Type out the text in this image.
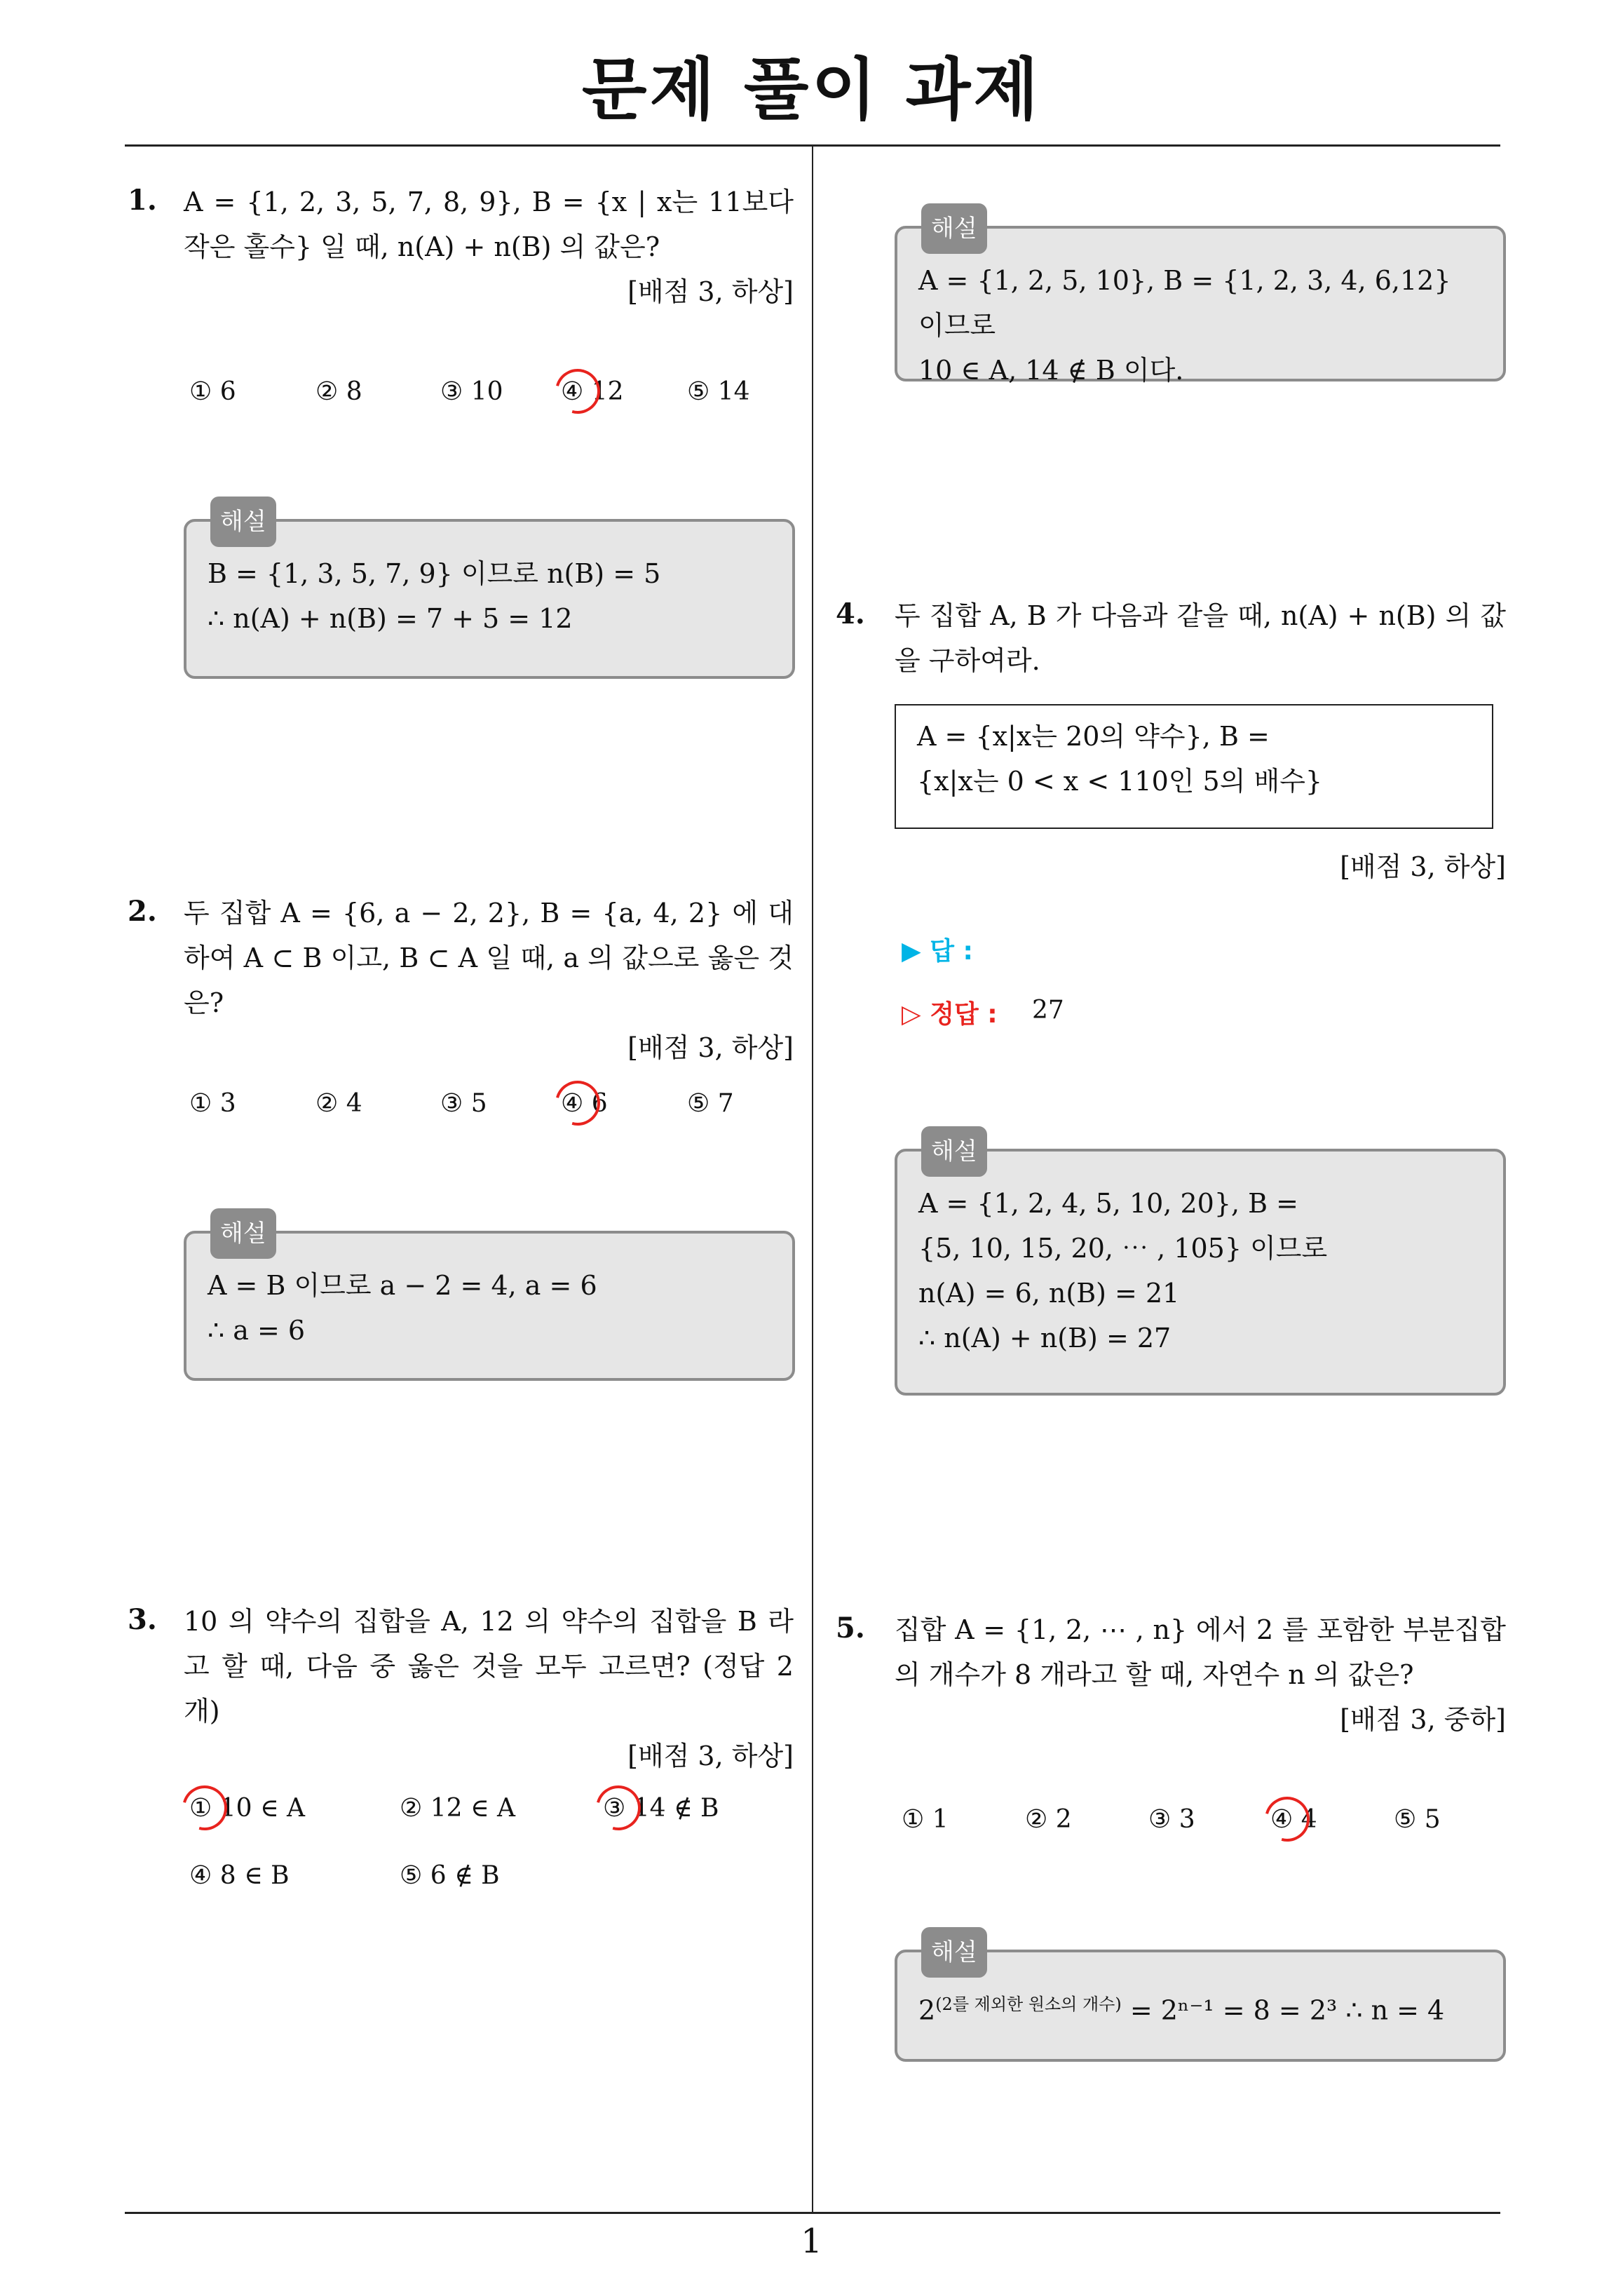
문제 풀이 과제
1
1. A = {1, 2, 3, 5, 7, 8, 9}, B = {x | x는 11보다 작은 홀수} 일 때, n(A) + n(B) 의 값은?
[배점 3, 하상]
① 6	② 8	③ 10 ④ 12	⑤ 14
해설
B = {1, 3, 5, 7, 9} 이므로 n(B) = 5
∴ n(A) + n(B) = 7 + 5 = 12
2. 두 집합 A = {6, a − 2, 2}, B = {a, 4, 2} 에 대하여 A ⊂ B 이고, B ⊂ A 일 때, a 의 값으로 옳은 것은?
[배점 3, 하상]
① 3	② 4	③ 5	④ 6	⑤ 7
해설
A = B 이므로 a − 2 = 4, a = 6
∴ a = 6
3. 10 의 약수의 집합을 A, 12 의 약수의 집합을 B 라고 할 때, 다음 중 옳은 것을 모두 고르면? (정답 2 개)
[배점 3, 하상]
① 10 ∈ A	② 12 ∈ A	③ 14 ∉ B
④ 8 ∈ B	⑤ 6 ∉ B
해설
A = {1, 2, 5, 10}, B = {1, 2, 3, 4, 6,12} 이므로
10 ∈ A, 14 ∉ B 이다.
4. 두 집합 A, B 가 다음과 같을 때, n(A) + n(B) 의 값을 구하여라.
A = {x|x는 20의 약수}, B =
{x|x는 0 < x < 110인 5의 배수}
[배점 3, 하상]
▶ 답 :
▷ 정답 : 27
해설
A = {1, 2, 4, 5, 10, 20}, B =
{5, 10, 15, 20, ⋯ , 105} 이므로
n(A) = 6, n(B) = 21
∴ n(A) + n(B) = 27
5. 집합 A = {1, 2, ⋯ , n} 에서 2 를 포함한 부분집합의 개수가 8 개라고 할 때, 자연수 n 의 값은?
[배점 3, 중하]
① 1	② 2	③ 3	④ 4	⑤ 5
해설
$2^{(2를 제외한 원소의 개수)} = 2^{n-1} = 8 = 2^3$ ∴ n = 4
